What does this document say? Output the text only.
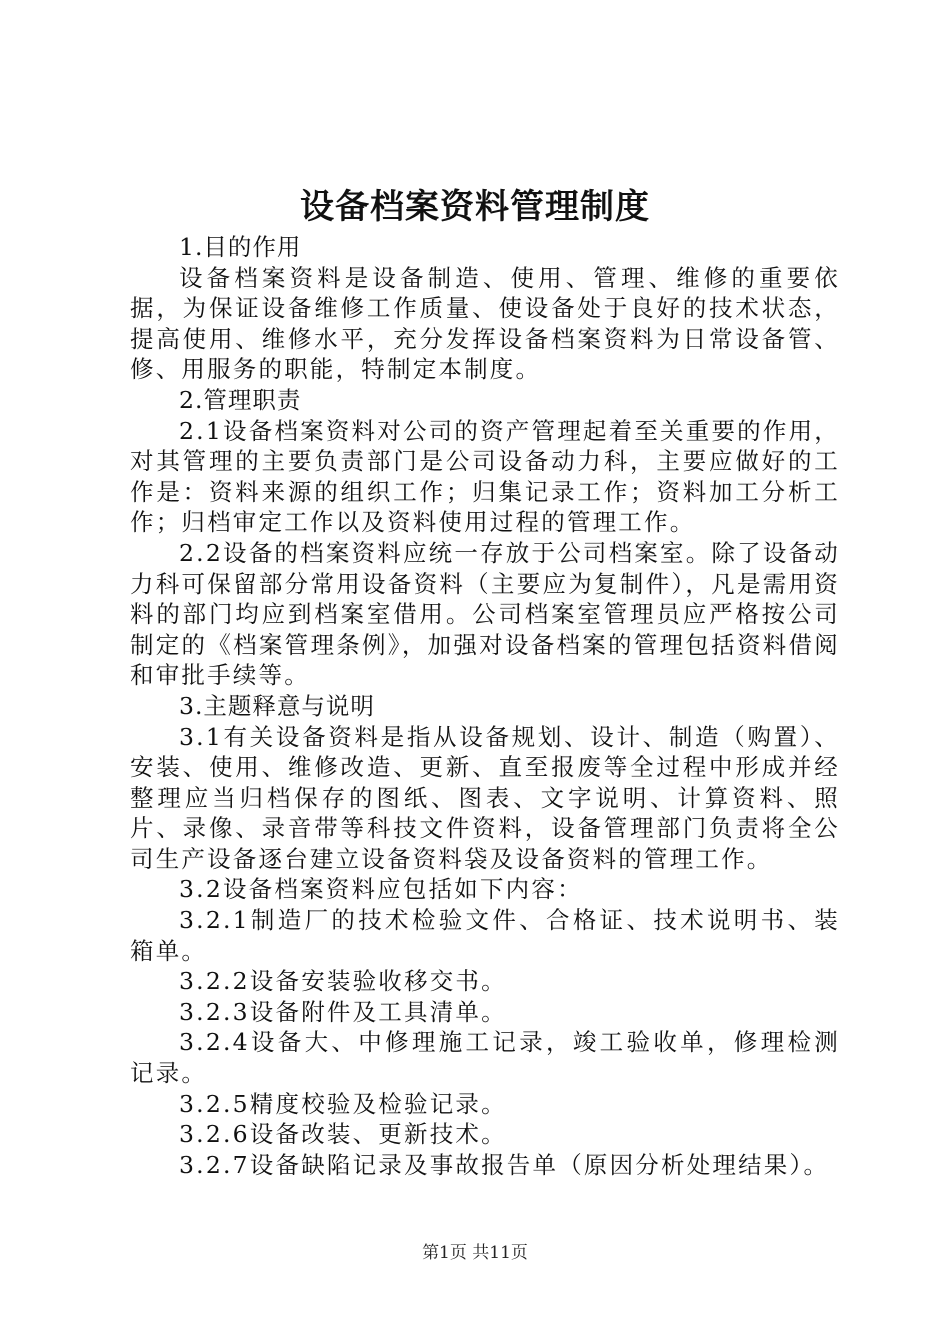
设备档案资料管理制度

1.目的作用

设备档案资料是设备制造、使用、管理、维修的重要依据，为保证设备维修工作质量、使设备处于良好的技术状态，提高使用、维修水平，充分发挥设备档案资料为日常设备管、修、用服务的职能，特制定本制度。

2.管理职责

2.1设备档案资料对公司的资产管理起着至关重要的作用，对其管理的主要负责部门是公司设备动力科，主要应做好的工作是：资料来源的组织工作；归集记录工作；资料加工分析工作；归档审定工作以及资料使用过程的管理工作。

2.2设备的档案资料应统一存放于公司档案室。除了设备动力科可保留部分常用设备资料（主要应为复制件），凡是需用资料的部门均应到档案室借用。公司档案室管理员应严格按公司制定的《档案管理条例》，加强对设备档案的管理包括资料借阅和审批手续等。

3.主题释意与说明

3.1有关设备资料是指从设备规划、设计、制造（购置）、安装、使用、维修改造、更新、直至报废等全过程中形成并经整理应当归档保存的图纸、图表、文字说明、计算资料、照片、录像、录音带等科技文件资料，设备管理部门负责将全公司生产设备逐台建立设备资料袋及设备资料的管理工作。

3.2设备档案资料应包括如下内容：

3.2.1制造厂的技术检验文件、合格证、技术说明书、装箱单。

3.2.2设备安装验收移交书。

3.2.3设备附件及工具清单。

3.2.4设备大、中修理施工记录，竣工验收单，修理检测记录。

3.2.5精度校验及检验记录。

3.2.6设备改装、更新技术。

3.2.7设备缺陷记录及事故报告单（原因分析处理结果）。

第1页 共11页
